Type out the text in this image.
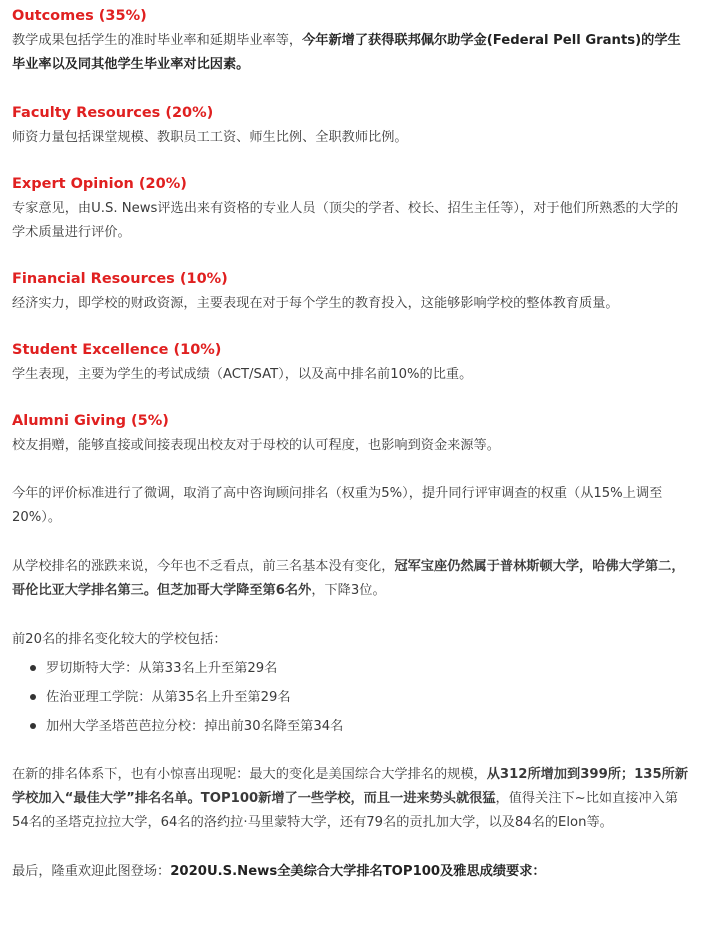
Outcomes (35%)

教学成果包括学生的准时毕业率和延期毕业率等，今年新增了获得联邦佩尔助学金(Federal Pell Grants)的学生毕业率以及同其他学生毕业率对比因素。

Faculty Resources (20%)

师资力量包括课堂规模、教职员工工资、师生比例、全职教师比例。

Expert Opinion (20%)

专家意见，由U.S. News评选出来有资格的专业人员（顶尖的学者、校长、招生主任等），对于他们所熟悉的大学的学术质量进行评价。

Financial Resources (10%)

经济实力，即学校的财政资源，主要表现在对于每个学生的教育投入，这能够影响学校的整体教育质量。

Student Excellence (10%)

学生表现，主要为学生的考试成绩（ACT/SAT），以及高中排名前10%的比重。

Alumni Giving (5%)

校友捐赠，能够直接或间接表现出校友对于母校的认可程度，也影响到资金来源等。

今年的评价标准进行了微调，取消了高中咨询顾问排名（权重为5%），提升同行评审调查的权重（从15%上调至20%）。

从学校排名的涨跌来说，今年也不乏看点，前三名基本没有变化，冠军宝座仍然属于普林斯顿大学，哈佛大学第二，哥伦比亚大学排名第三。但芝加哥大学降至第6名外，下降3位。

前20名的排名变化较大的学校包括：

罗切斯特大学：从第33名上升至第29名
佐治亚理工学院：从第35名上升至第29名
加州大学圣塔芭芭拉分校：掉出前30名降至第34名

在新的排名体系下，也有小惊喜出现呢：最大的变化是美国综合大学排名的规模，从312所增加到399所；135所新学校加入“最佳大学”排名名单。TOP100新增了一些学校，而且一进来势头就很猛，值得关注下~比如直接冲入第54名的圣塔克拉拉大学，64名的洛约拉·马里蒙特大学，还有79名的贡扎加大学，以及84名的Elon等。

最后，隆重欢迎此图登场：2020U.S.News全美综合大学排名TOP100及雅思成绩要求：
